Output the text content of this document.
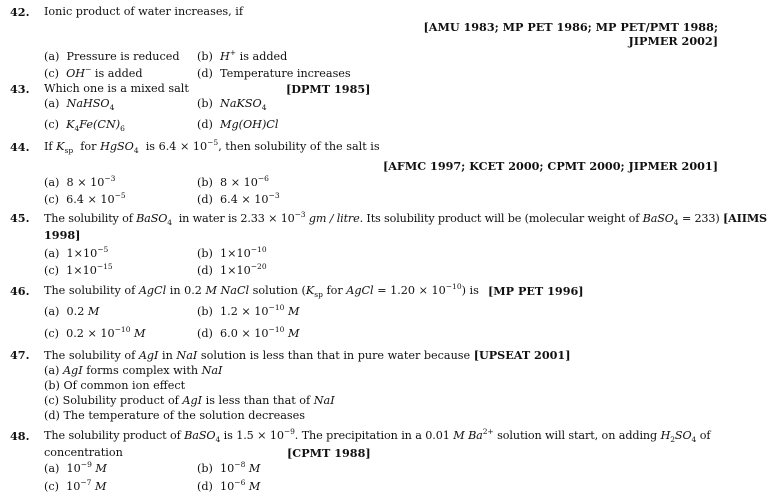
42. Ionic product of water increases, if
[AMU 1983; MP PET 1986; MP PET/PMT 1988;
JIPMER 2002]
(a) Pressure is reduced (b) H+ is added
(c) OH− is added	(d) Temperature increases
43. Which one is a mixed salt	[DPMT 1985]
(a) NaHSO$_4$	(b) NaKSO$_4$
(c) $K_4Fe(CN)_6$	(d) Mg(OH)Cl
44. If $K_{sp}$ for HgSO$_4$ is $6.4 \times 10^{-5}$, then solubility of the salt is
[AFMC 1997; KCET 2000; CPMT 2000; JIPMER 2001]
(a) $8 \times 10^{-3}$	(b) $8 \times 10^{-6}$
(c) $6.4 \times 10^{-5}$	(d) $6.4 \times 10^{-3}$
45. The solubility of BaSO$_4$ in water is $2.33 \times 10^{-3}$ gm / litre. Its solubility product will be (molecular weight of BaSO$_4$ = 233) [AIIMS
1998]
(a) $1\times 10^{-5}$	(b) $1\times 10^{-10}$
(c) $1\times 10^{-15}$	(d) $1\times 10^{-20}$
46. The solubility of AgCl in 0.2 M NaCl solution ($K_{sp}$ for AgCl = $1.20 \times 10^{-10}$) is [MP PET 1996]
(a) 0.2 M	(b) $1.2 \times 10^{-10}$ M
(c) $0.2 \times 10^{-10}$ M	(d) $6.0 \times 10^{-10}$ M
47. The solubility of AgI in NaI solution is less than that in pure water because [UPSEAT 2001]
(a) AgI forms complex with NaI
(b) Of common ion effect
(c) Solubility product of AgI is less than that of NaI
(d) The temperature of the solution decreases
48. The solubility product of BaSO$_4$ is $1.5 \times 10^{-9}$. The precipitation in a 0.01 M $Ba^{2+}$ solution will start, on adding $H_2SO_4$ of
concentration	[CPMT 1988]
(a) $10^{-9}$ M	(b) $10^{-8}$ M
(c) $10^{-7}$ M	(d) $10^{-6}$ M
